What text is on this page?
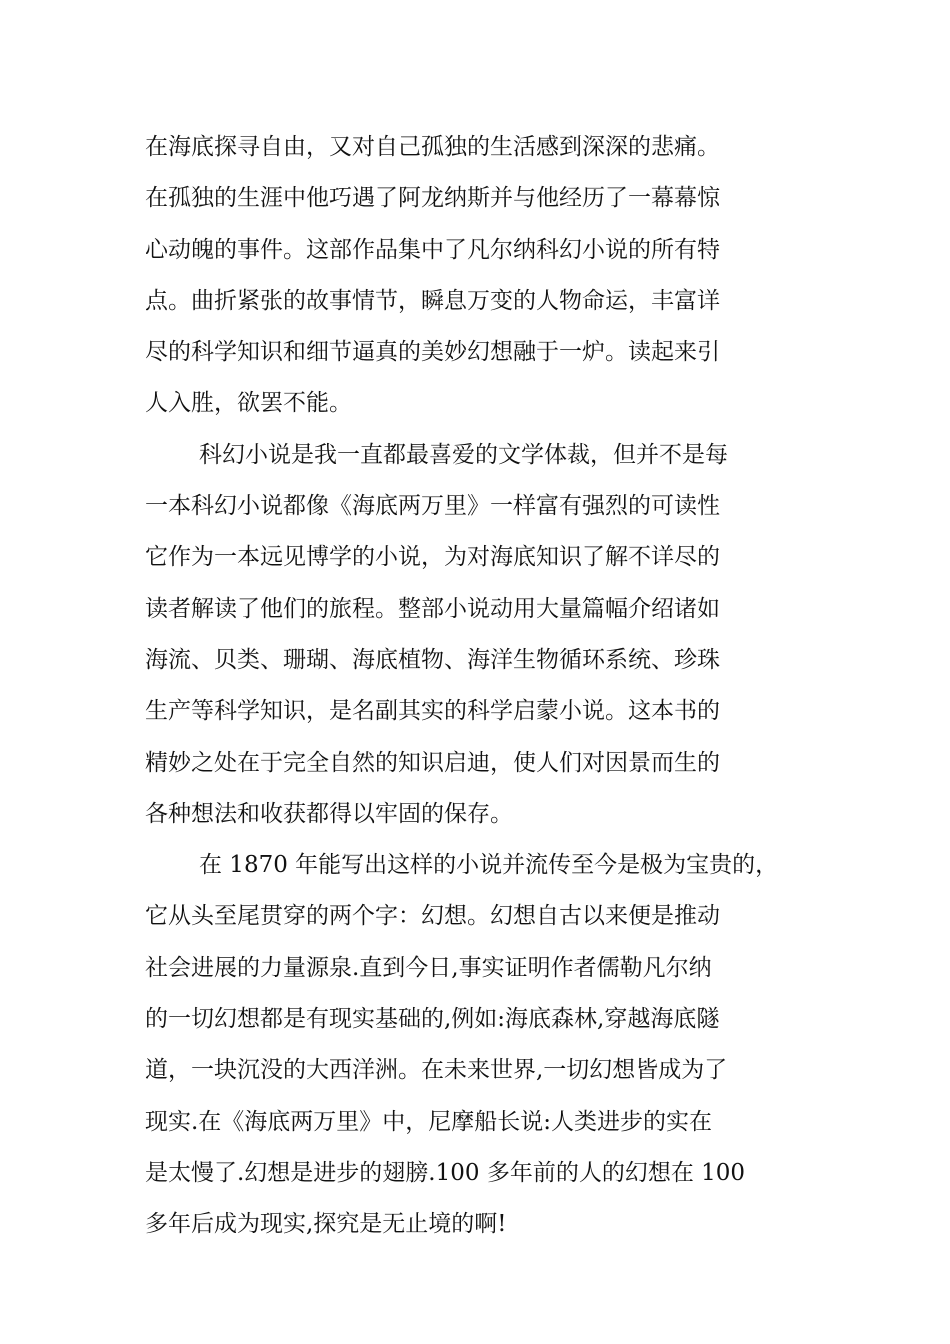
在海底探寻自由，又对自己孤独的生活感到深深的悲痛。
在孤独的生涯中他巧遇了阿龙纳斯并与他经历了一幕幕惊
心动魄的事件。这部作品集中了凡尔纳科幻小说的所有特
点。曲折紧张的故事情节，瞬息万变的人物命运，丰富详
尽的科学知识和细节逼真的美妙幻想融于一炉。读起来引
人入胜，欲罢不能。
科幻小说是我一直都最喜爱的文学体裁，但并不是每
一本科幻小说都像《海底两万里》一样富有强烈的可读性
它作为一本远见博学的小说，为对海底知识了解不详尽的
读者解读了他们的旅程。整部小说动用大量篇幅介绍诸如
海流、贝类、珊瑚、海底植物、海洋生物循环系统、珍珠
生产等科学知识，是名副其实的科学启蒙小说。这本书的
精妙之处在于完全自然的知识启迪，使人们对因景而生的
各种想法和收获都得以牢固的保存。
在 1870 年能写出这样的小说并流传至今是极为宝贵的，
它从头至尾贯穿的两个字：幻想。幻想自古以来便是推动
社会进展的力量源泉.直到今日,事实证明作者儒勒凡尔纳
的一切幻想都是有现实基础的,例如:海底森林,穿越海底隧
道，一块沉没的大西洋洲。在未来世界,一切幻想皆成为了
现实.在《海底两万里》中，尼摩船长说:人类进步的实在
是太慢了.幻想是进步的翅膀.100 多年前的人的幻想在 100
多年后成为现实,探究是无止境的啊!
